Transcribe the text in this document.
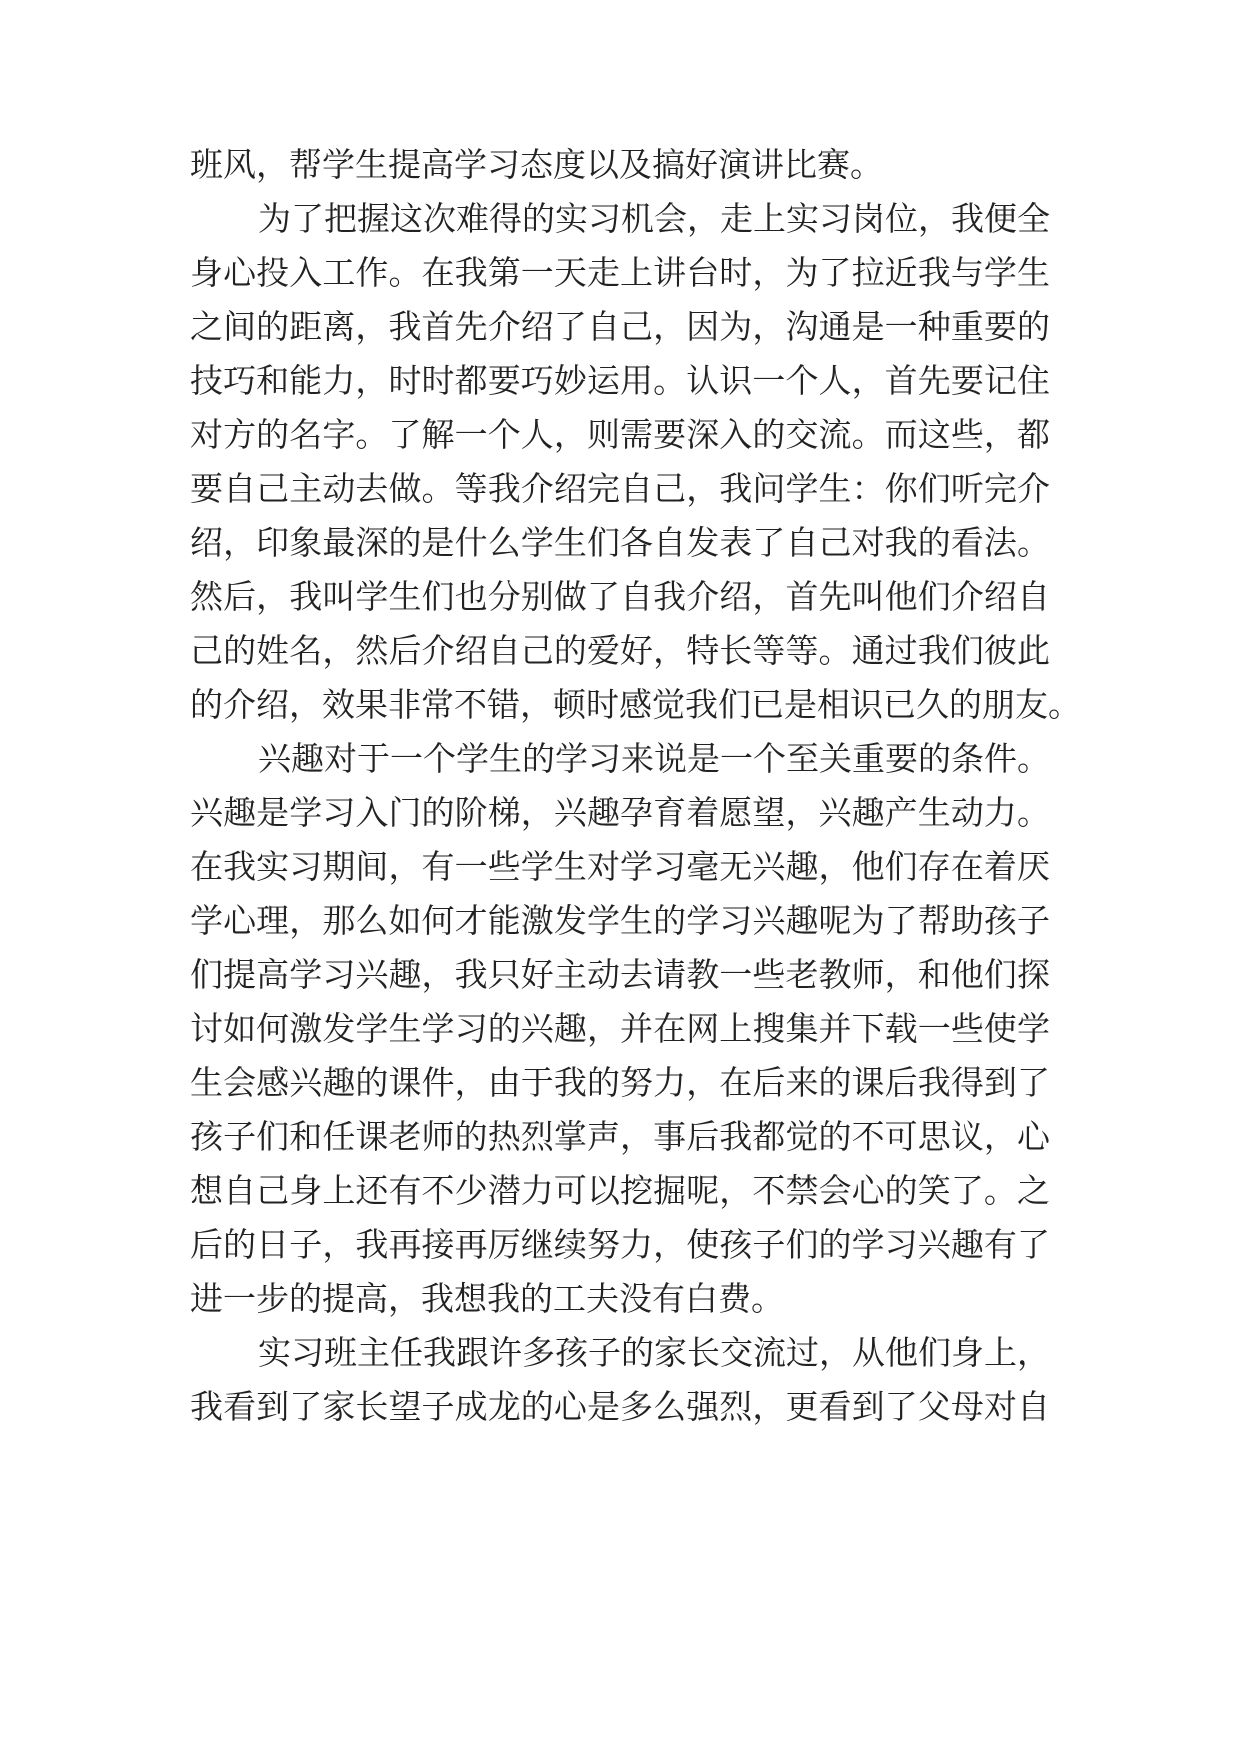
班风，帮学生提高学习态度以及搞好演讲比赛。

为了把握这次难得的实习机会，走上实习岗位，我便全

身心投入工作。在我第一天走上讲台时，为了拉近我与学生

之间的距离，我首先介绍了自己，因为，沟通是一种重要的

技巧和能力，时时都要巧妙运用。认识一个人，首先要记住

对方的名字。了解一个人，则需要深入的交流。而这些，都

要自己主动去做。等我介绍完自己，我问学生：你们听完介

绍，印象最深的是什么学生们各自发表了自己对我的看法。

然后，我叫学生们也分别做了自我介绍，首先叫他们介绍自

己的姓名，然后介绍自己的爱好，特长等等。通过我们彼此

的介绍，效果非常不错，顿时感觉我们已是相识已久的朋友。

兴趣对于一个学生的学习来说是一个至关重要的条件。

兴趣是学习入门的阶梯，兴趣孕育着愿望，兴趣产生动力。

在我实习期间，有一些学生对学习毫无兴趣，他们存在着厌

学心理，那么如何才能激发学生的学习兴趣呢为了帮助孩子

们提高学习兴趣，我只好主动去请教一些老教师，和他们探

讨如何激发学生学习的兴趣，并在网上搜集并下载一些使学

生会感兴趣的课件，由于我的努力，在后来的课后我得到了

孩子们和任课老师的热烈掌声，事后我都觉的不可思议，心

想自己身上还有不少潜力可以挖掘呢，不禁会心的笑了。之

后的日子，我再接再厉继续努力，使孩子们的学习兴趣有了

进一步的提高，我想我的工夫没有白费。

实习班主任我跟许多孩子的家长交流过，从他们身上，

我看到了家长望子成龙的心是多么强烈，更看到了父母对自
